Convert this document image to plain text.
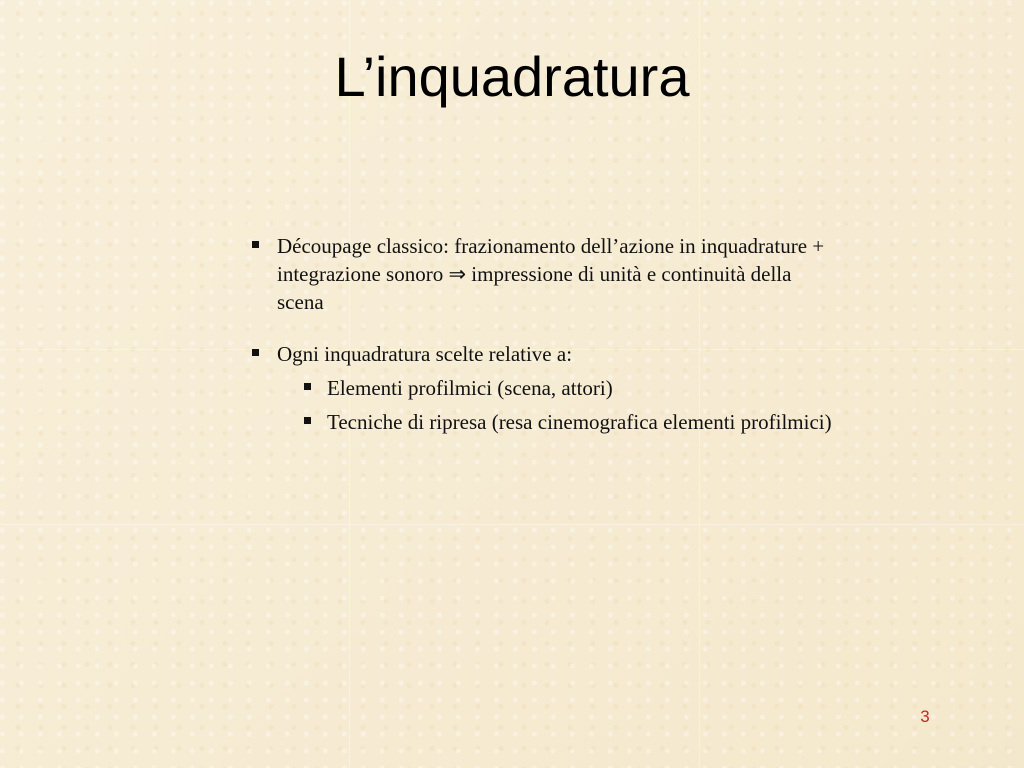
L’inquadratura
Découpage classico: frazionamento dell’azione in inquadrature + integrazione sonoro ⇒ impressione di unità e continuità della scena
Ogni inquadratura scelte relative a:
Elementi profilmici (scena, attori)
Tecniche di ripresa (resa cinemografica elementi profilmici)
3
